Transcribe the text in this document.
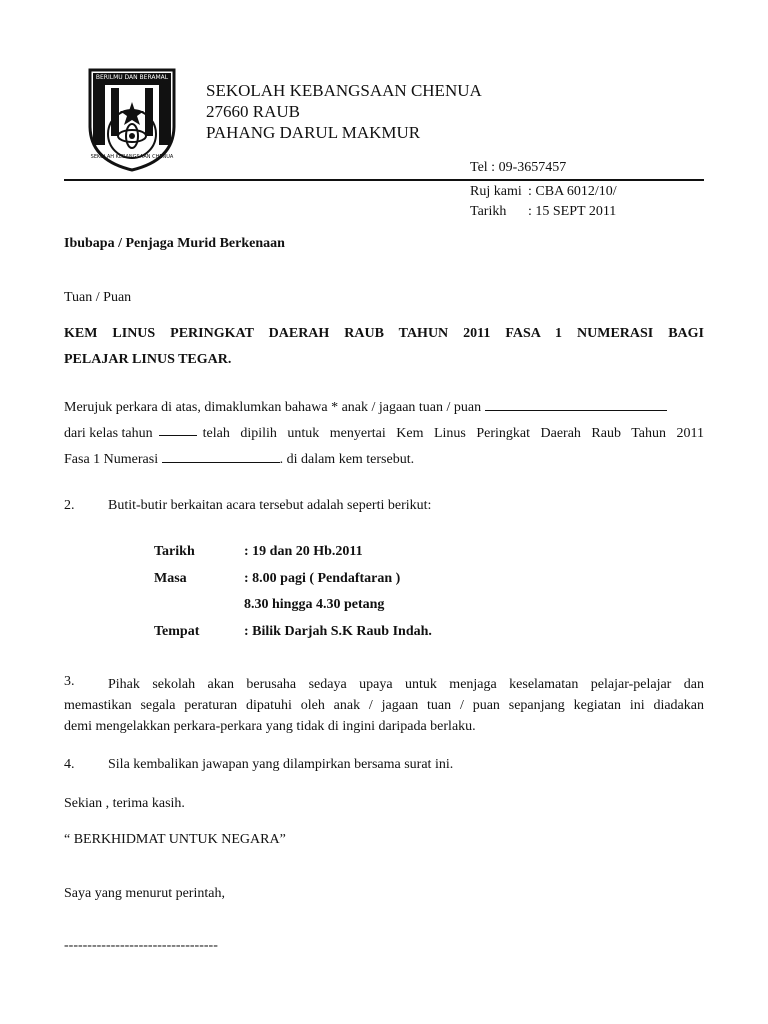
BERILMU DAN BERAMAL
SEKOLAH KEBANGSAAN CHENUA
SEKOLAH KEBANGSAAN CHENUA
27660 RAUB
PAHANG DARUL MAKMUR
Tel : 09-3657457
Ruj kami : CBA 6012/10/
Tarikh	: 15 SEPT 2011
Ibubapa / Penjaga Murid Berkenaan
Tuan / Puan
KEM LINUS PERINGKAT DAERAH RAUB TAHUN 2011 FASA 1 NUMERASI BAGI
PELAJAR LINUS TEGAR.
Merujuk perkara di atas, dimaklumkan bahawa * anak / jagaan tuan / puan
dari kelas tahun	telah dipilih untuk menyertai Kem Linus Peringkat Daerah Raub Tahun 2011
Fasa 1 Numerasi	. di dalam kem tersebut.
2. Butit-butir berkaitan acara tersebut adalah seperti berikut:
Tarikh	: 19 dan 20 Hb.2011
Masa	: 8.00 pagi ( Pendaftaran )
8.30 hingga 4.30 petang
Tempat	: Bilik Darjah S.K Raub Indah.
3.	Pihak sekolah akan berusaha sedaya upaya untuk menjaga keselamatan pelajar-pelajar dan
memastikan segala peraturan dipatuhi oleh anak / jagaan tuan / puan sepanjang kegiatan ini diadakan
demi mengelakkan perkara-perkara yang tidak di ingini daripada berlaku.
4. Sila kembalikan jawapan yang dilampirkan bersama surat ini.
Sekian , terima kasih.
“ BERKHIDMAT UNTUK NEGARA”
Saya yang menurut perintah,
---------------------------------
